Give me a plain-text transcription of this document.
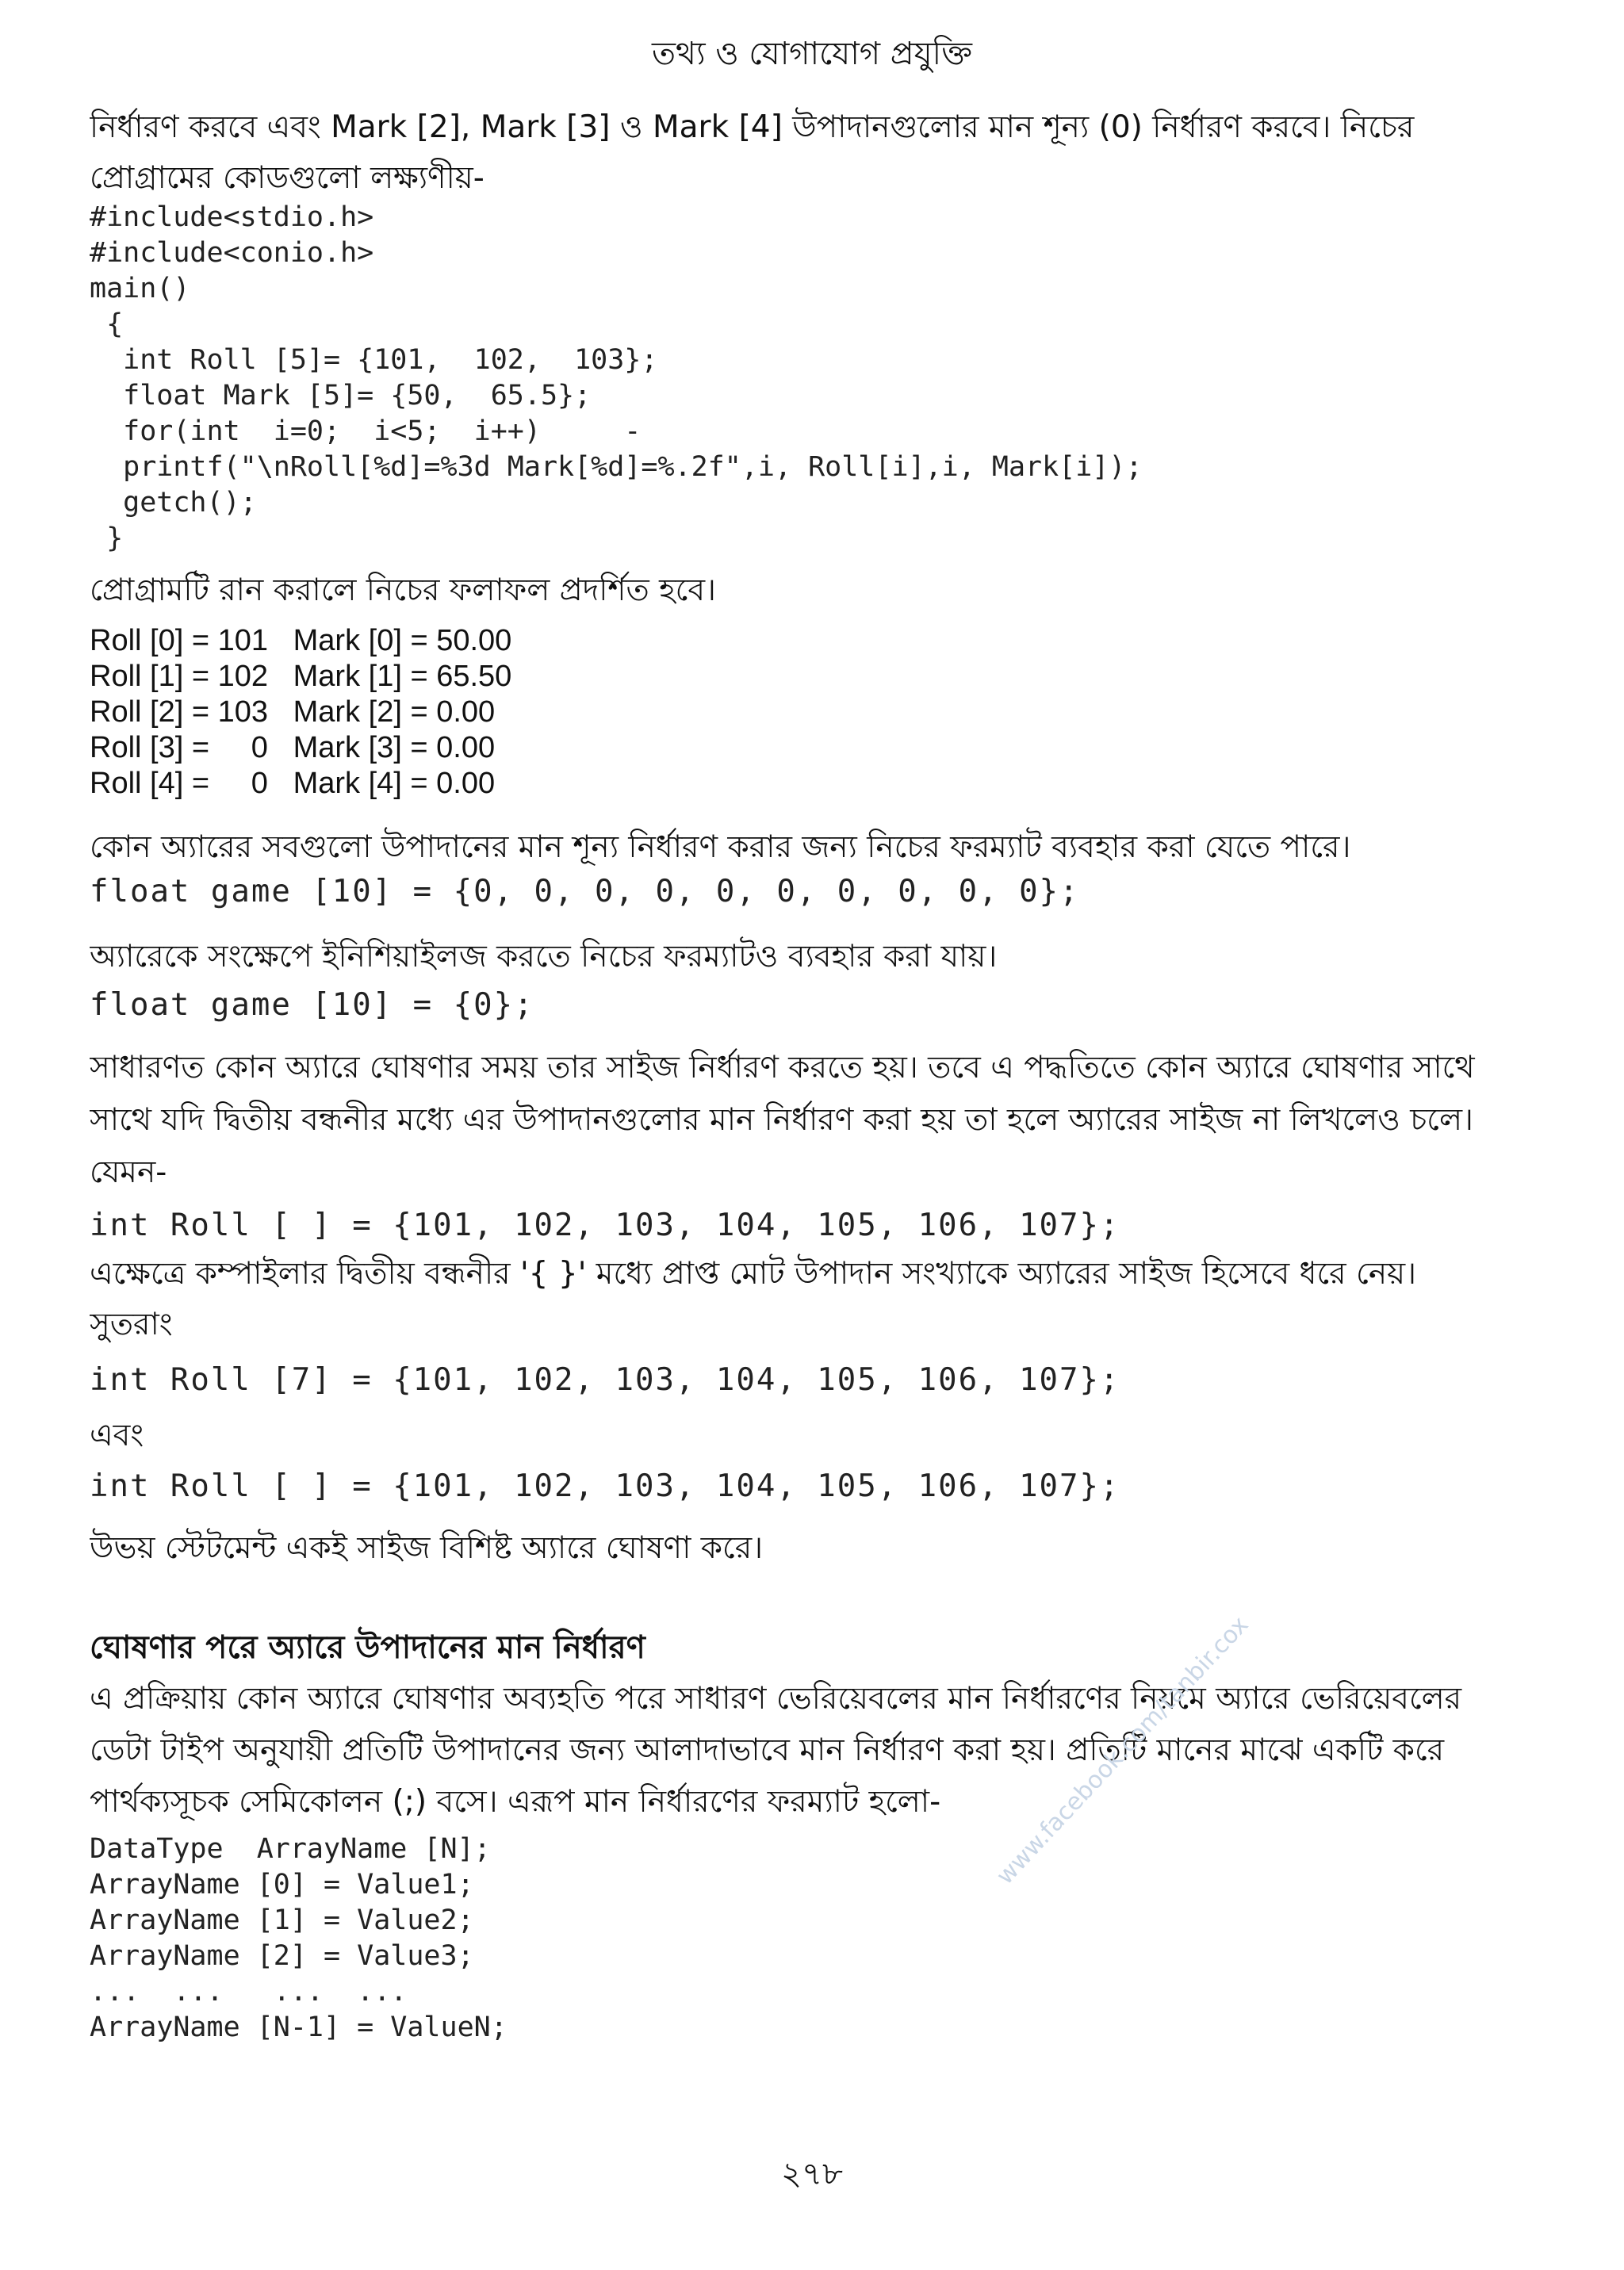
তথ্য ও যোগাযোগ প্রযুক্তি
নির্ধারণ করবে এবং Mark [2], Mark [3] ও Mark [4] উপাদানগুলোর মান শূন্য (0) নির্ধারণ করবে। নিচের
প্রোগ্রামের কোডগুলো লক্ষ্যণীয়-
#include<stdio.h>
#include<conio.h>
main()
{
int Roll [5]= {101,  102,  103};
float Mark [5]= {50,  65.5};
for(int  i=0;  i<5;  i++)     -
printf("\nRoll[%d]=%3d Mark[%d]=%.2f",i, Roll[i],i, Mark[i]);
getch();
}
প্রোগ্রামটি রান করালে নিচের ফলাফল প্রদর্শিত হবে।
Roll [0] = 101   Mark [0] = 50.00
Roll [1] = 102   Mark [1] = 65.50
Roll [2] = 103   Mark [2] = 0.00
Roll [3] =     0   Mark [3] = 0.00
Roll [4] =     0   Mark [4] = 0.00
কোন অ্যারের সবগুলো উপাদানের মান শূন্য নির্ধারণ করার জন্য নিচের ফরম্যাট ব্যবহার করা যেতে পারে।
float game [10] = {0, 0, 0, 0, 0, 0, 0, 0, 0, 0};
অ্যারেকে সংক্ষেপে ইনিশিয়াইলজ করতে নিচের ফরম্যাটও ব্যবহার করা যায়।
float game [10] = {0};
সাধারণত কোন অ্যারে ঘোষণার সময় তার সাইজ নির্ধারণ করতে হয়। তবে এ পদ্ধতিতে কোন অ্যারে ঘোষণার সাথে
সাথে যদি দ্বিতীয় বন্ধনীর মধ্যে এর উপাদানগুলোর মান নির্ধারণ করা হয় তা হলে অ্যারের সাইজ না লিখলেও চলে।
যেমন-
int Roll [ ] = {101, 102, 103, 104, 105, 106, 107};
এক্ষেত্রে কম্পাইলার দ্বিতীয় বন্ধনীর '{ }' মধ্যে প্রাপ্ত মোট উপাদান সংখ্যাকে অ্যারের সাইজ হিসেবে ধরে নেয়।
সুতরাং
int Roll [7] = {101, 102, 103, 104, 105, 106, 107};
এবং
int Roll [ ] = {101, 102, 103, 104, 105, 106, 107};
উভয় স্টেটমেন্ট একই সাইজ বিশিষ্ট অ্যারে ঘোষণা করে।
ঘোষণার পরে অ্যারে উপাদানের মান নির্ধারণ
এ প্রক্রিয়ায় কোন অ্যারে ঘোষণার অব্যহতি পরে সাধারণ ভেরিয়েবলের মান নির্ধারণের নিয়মে অ্যারে ভেরিয়েবলের
ডেটা টাইপ অনুযায়ী প্রতিটি উপাদানের জন্য আলাদাভাবে মান নির্ধারণ করা হয়। প্রতিটি মানের মাঝে একটি করে
পার্থক্যসূচক সেমিকোলন (;) বসে। এরূপ মান নির্ধারণের ফরম্যাট হলো-
DataType  ArrayName [N];
ArrayName [0] = Value1;
ArrayName [1] = Value2;
ArrayName [2] = Value3;
...  ...   ...  ...
ArrayName [N-1] = ValueN;
www.facebook.com/tanbir.cox
২৭৮
